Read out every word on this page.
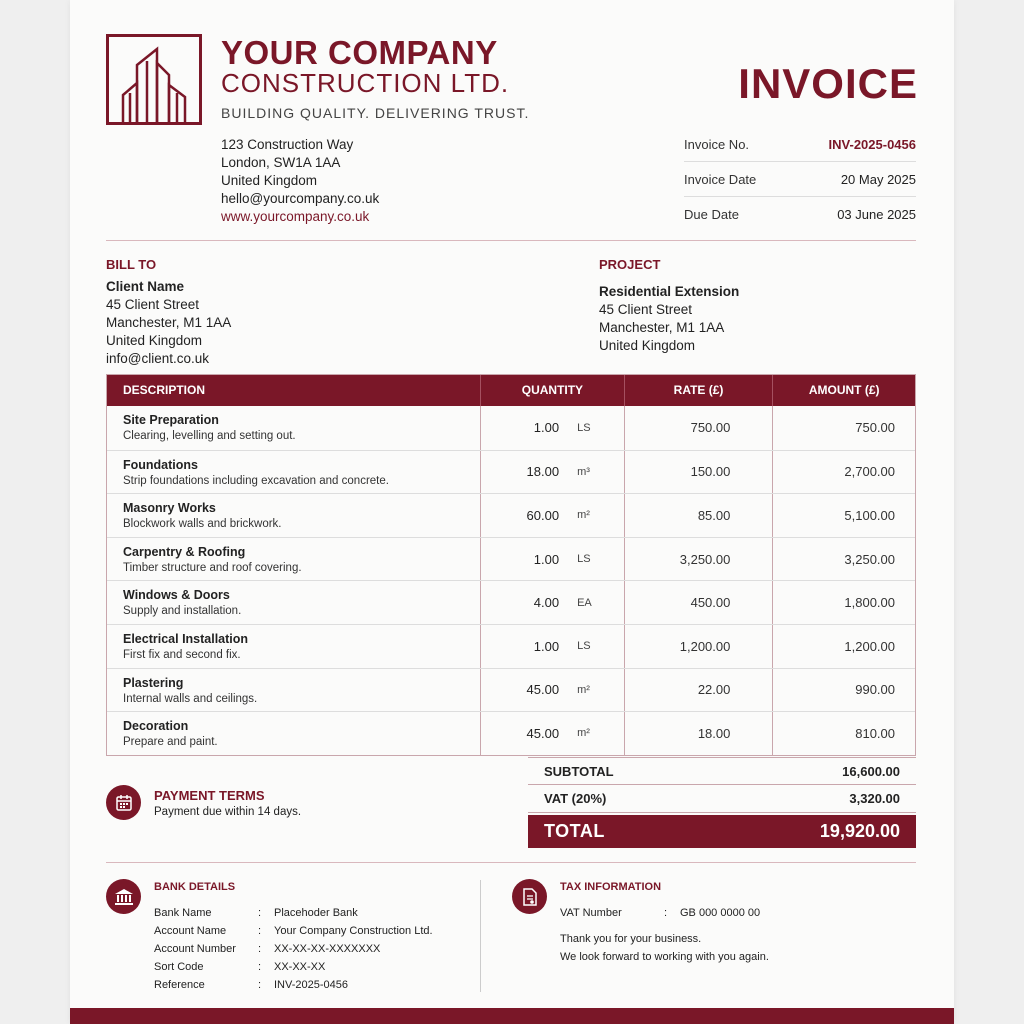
YOUR COMPANY
CONSTRUCTION LTD.
BUILDING QUALITY. DELIVERING TRUST.
123 Construction Way
London, SW1A 1AA
United Kingdom
hello@yourcompany.co.uk
www.yourcompany.co.uk
INVOICE
Invoice No.	INV-2025-0456
Invoice Date	20 May 2025
Due Date	03 June 2025
BILL TO
Client Name
45 Client Street
Manchester, M1 1AA
United Kingdom
info@client.co.uk
PROJECT
Residential Extension
45 Client Street
Manchester, M1 1AA
United Kingdom
DESCRIPTION	QUANTITY	RATE (£)	AMOUNT (£)
Site Preparation
Clearing, levelling and setting out.
1.00 LS	750.00	750.00
Foundations
Strip foundations including excavation and concrete.
18.00 m³	150.00	2,700.00
Masonry Works
Blockwork walls and brickwork.
60.00 m²	85.00	5,100.00
Carpentry & Roofing
Timber structure and roof covering.
1.00 LS	3,250.00	3,250.00
Windows & Doors
Supply and installation.
4.00 EA	450.00	1,800.00
Electrical Installation
First fix and second fix.
1.00 LS	1,200.00	1,200.00
Plastering
Internal walls and ceilings.
45.00 m²	22.00	990.00
Decoration
Prepare and paint.
45.00 m²	18.00	810.00
PAYMENT TERMS
Payment due within 14 days.
SUBTOTAL	16,600.00
VAT (20%)	3,320.00
TOTAL	19,920.00
BANK DETAILS
Bank Name	:	Placehoder Bank
Account Name	:	Your Company Construction Ltd.
Account Number	:	XX-XX-XX-XXXXXXX
Sort Code	:	XX-XX-XX
Reference	:	INV-2025-0456
TAX INFORMATION
VAT Number	:	GB 000 0000 00
Thank you for your business.
We look forward to working with you again.
